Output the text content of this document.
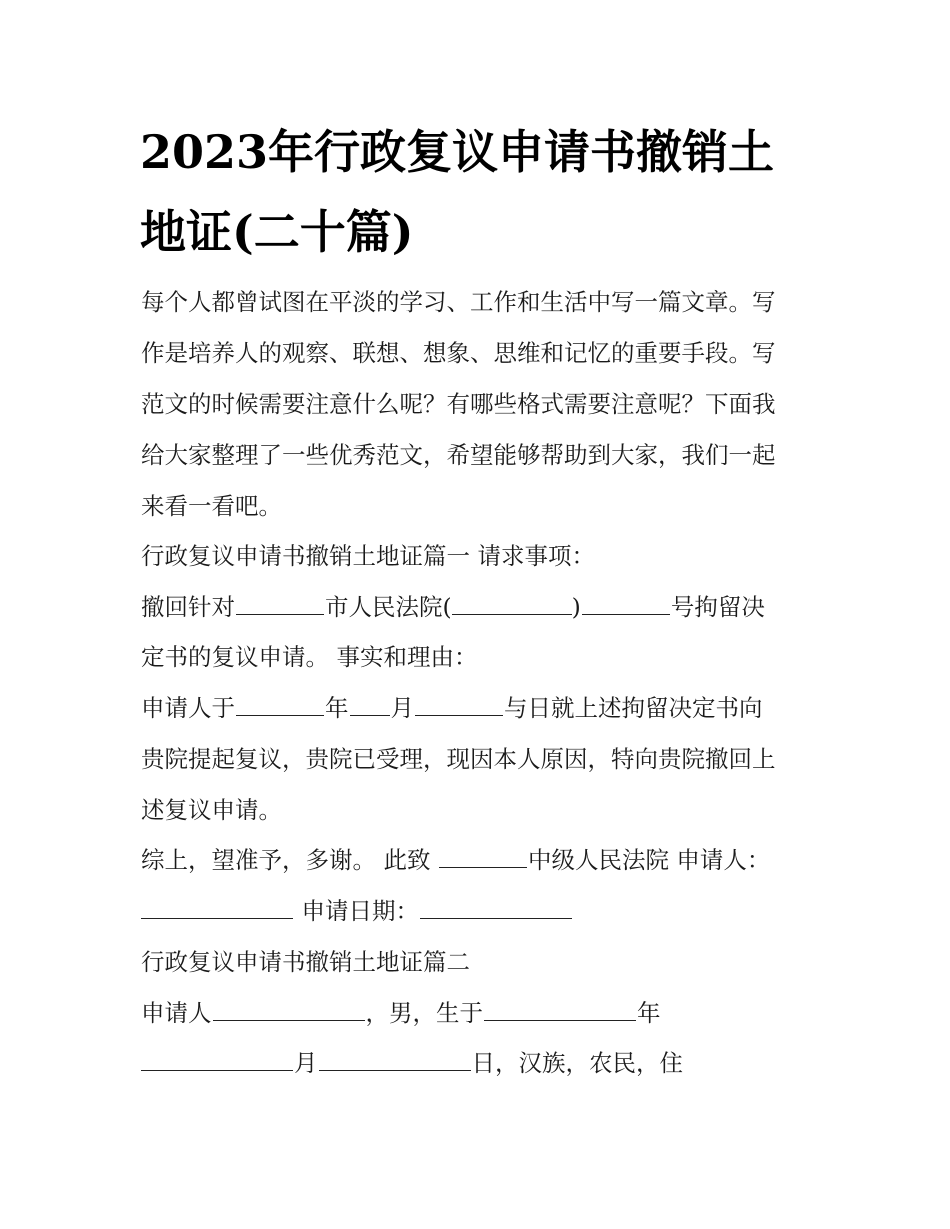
2023年行政复议申请书撤销土
地证(二十篇)
每个人都曾试图在平淡的学习、工作和生活中写一篇文章。写
作是培养人的观察、联想、想象、思维和记忆的重要手段。写
范文的时候需要注意什么呢？有哪些格式需要注意呢？下面我
给大家整理了一些优秀范文，希望能够帮助到大家，我们一起
来看一看吧。
行政复议申请书撤销土地证篇一 请求事项：
撤回针对	市人民法院(	)	号拘留决
定书的复议申请。 事实和理由：
申请人于	年 月	与日就上述拘留决定书向
贵院提起复议，贵院已受理，现因本人原因，特向贵院撤回上
述复议申请。
综上，望准予，多谢。 此致	中级人民法院 申请人：
申请日期：
行政复议申请书撤销土地证篇二
申请人	，男，生于	年
月	日，汉族，农民，住
